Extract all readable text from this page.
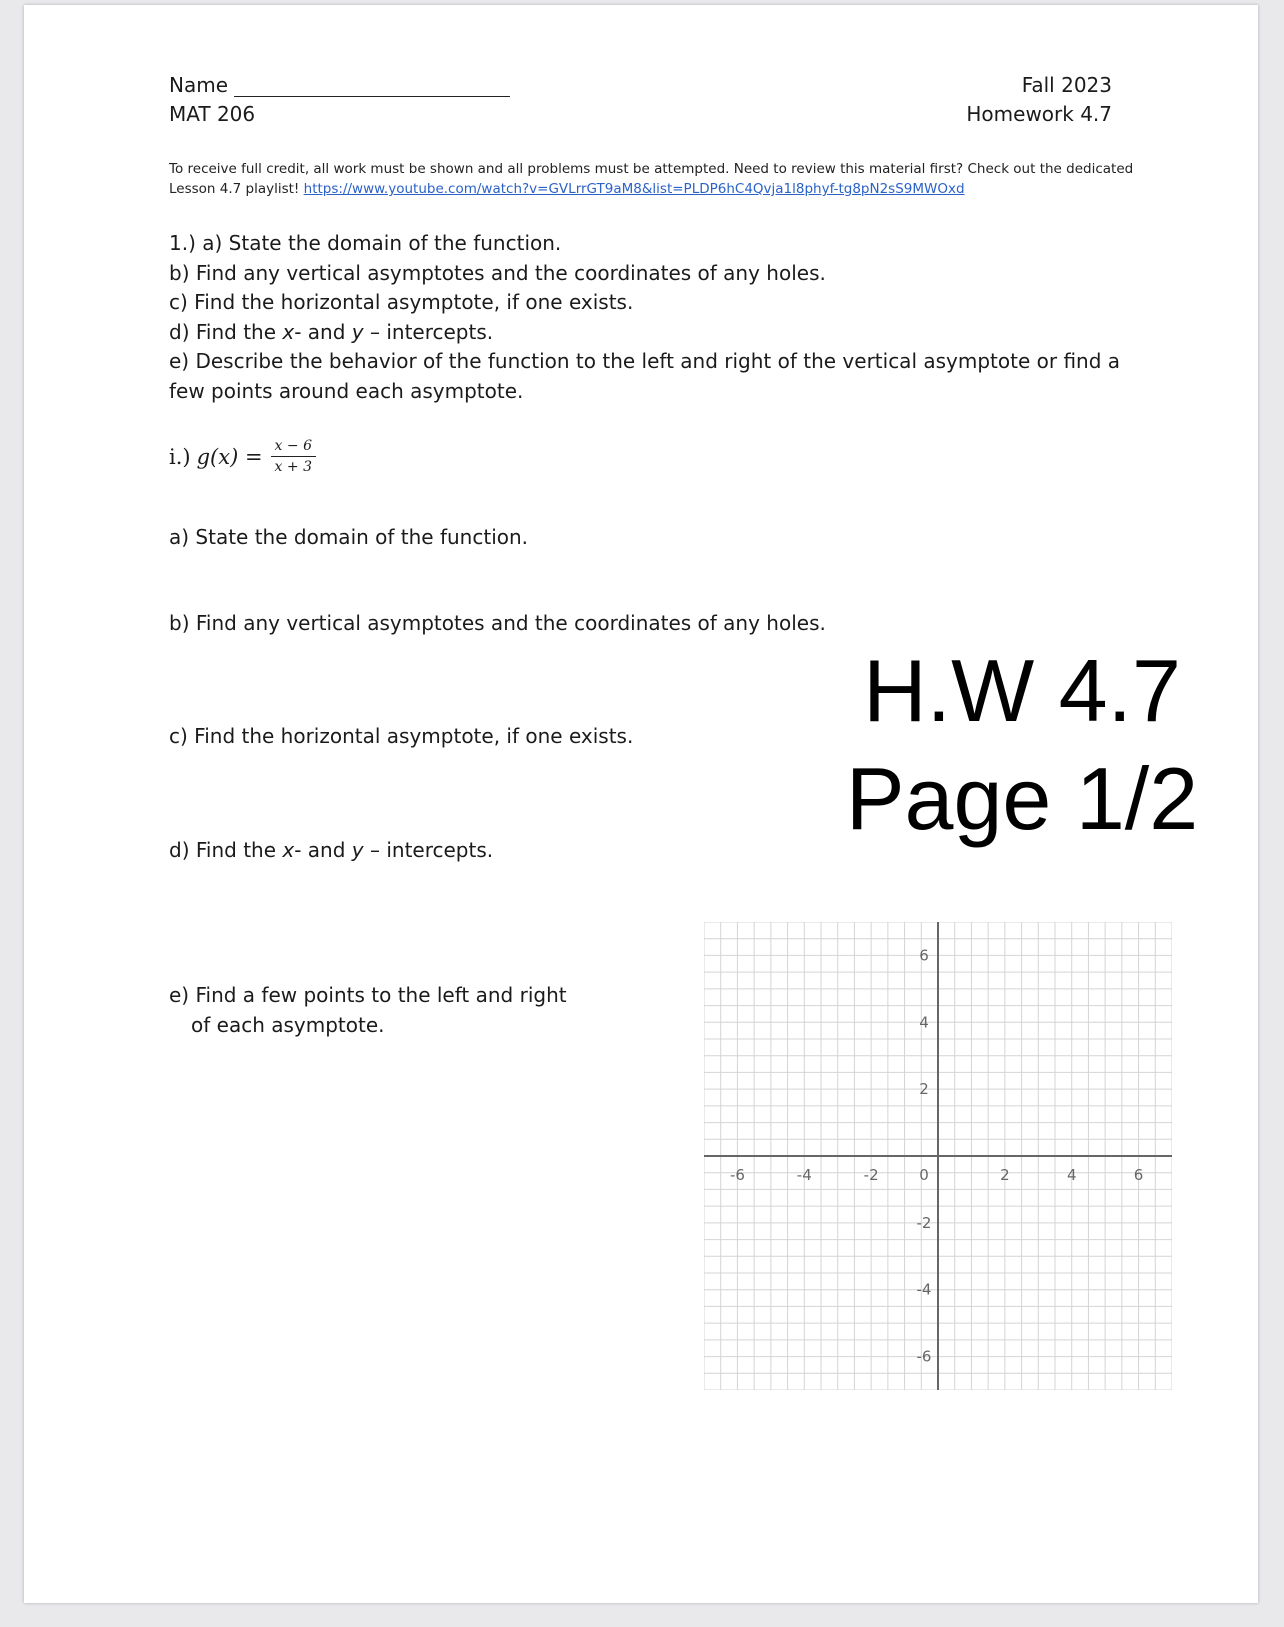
Name
MAT 206
Fall 2023
Homework 4.7
To receive full credit, all work must be shown and all problems must be attempted. Need to review this material first? Check out the dedicated Lesson 4.7 playlist! https://www.youtube.com/watch?v=GVLrrGT9aM8&list=PLDP6hC4Qvja1l8phyf-tg8pN2sS9MWOxd
1.) a) State the domain of the function.
b) Find any vertical asymptotes and the coordinates of any holes.
c) Find the horizontal asymptote, if one exists.
d) Find the x- and y – intercepts.
e) Describe the behavior of the function to the left and right of the vertical asymptote or find a few points around each asymptote.
i.) $g(x) = \frac{x - 6}{x + 3}$
a) State the domain of the function.
b) Find any vertical asymptotes and the coordinates of any holes.
c) Find the horizontal asymptote, if one exists.
d) Find the x- and y – intercepts.
e) Find a few points to the left and right
of each asymptote.
H.W 4.7
Page 1/2
-6	-4	-2	0	2	4	6
6
4
2
-2
-4
-6
